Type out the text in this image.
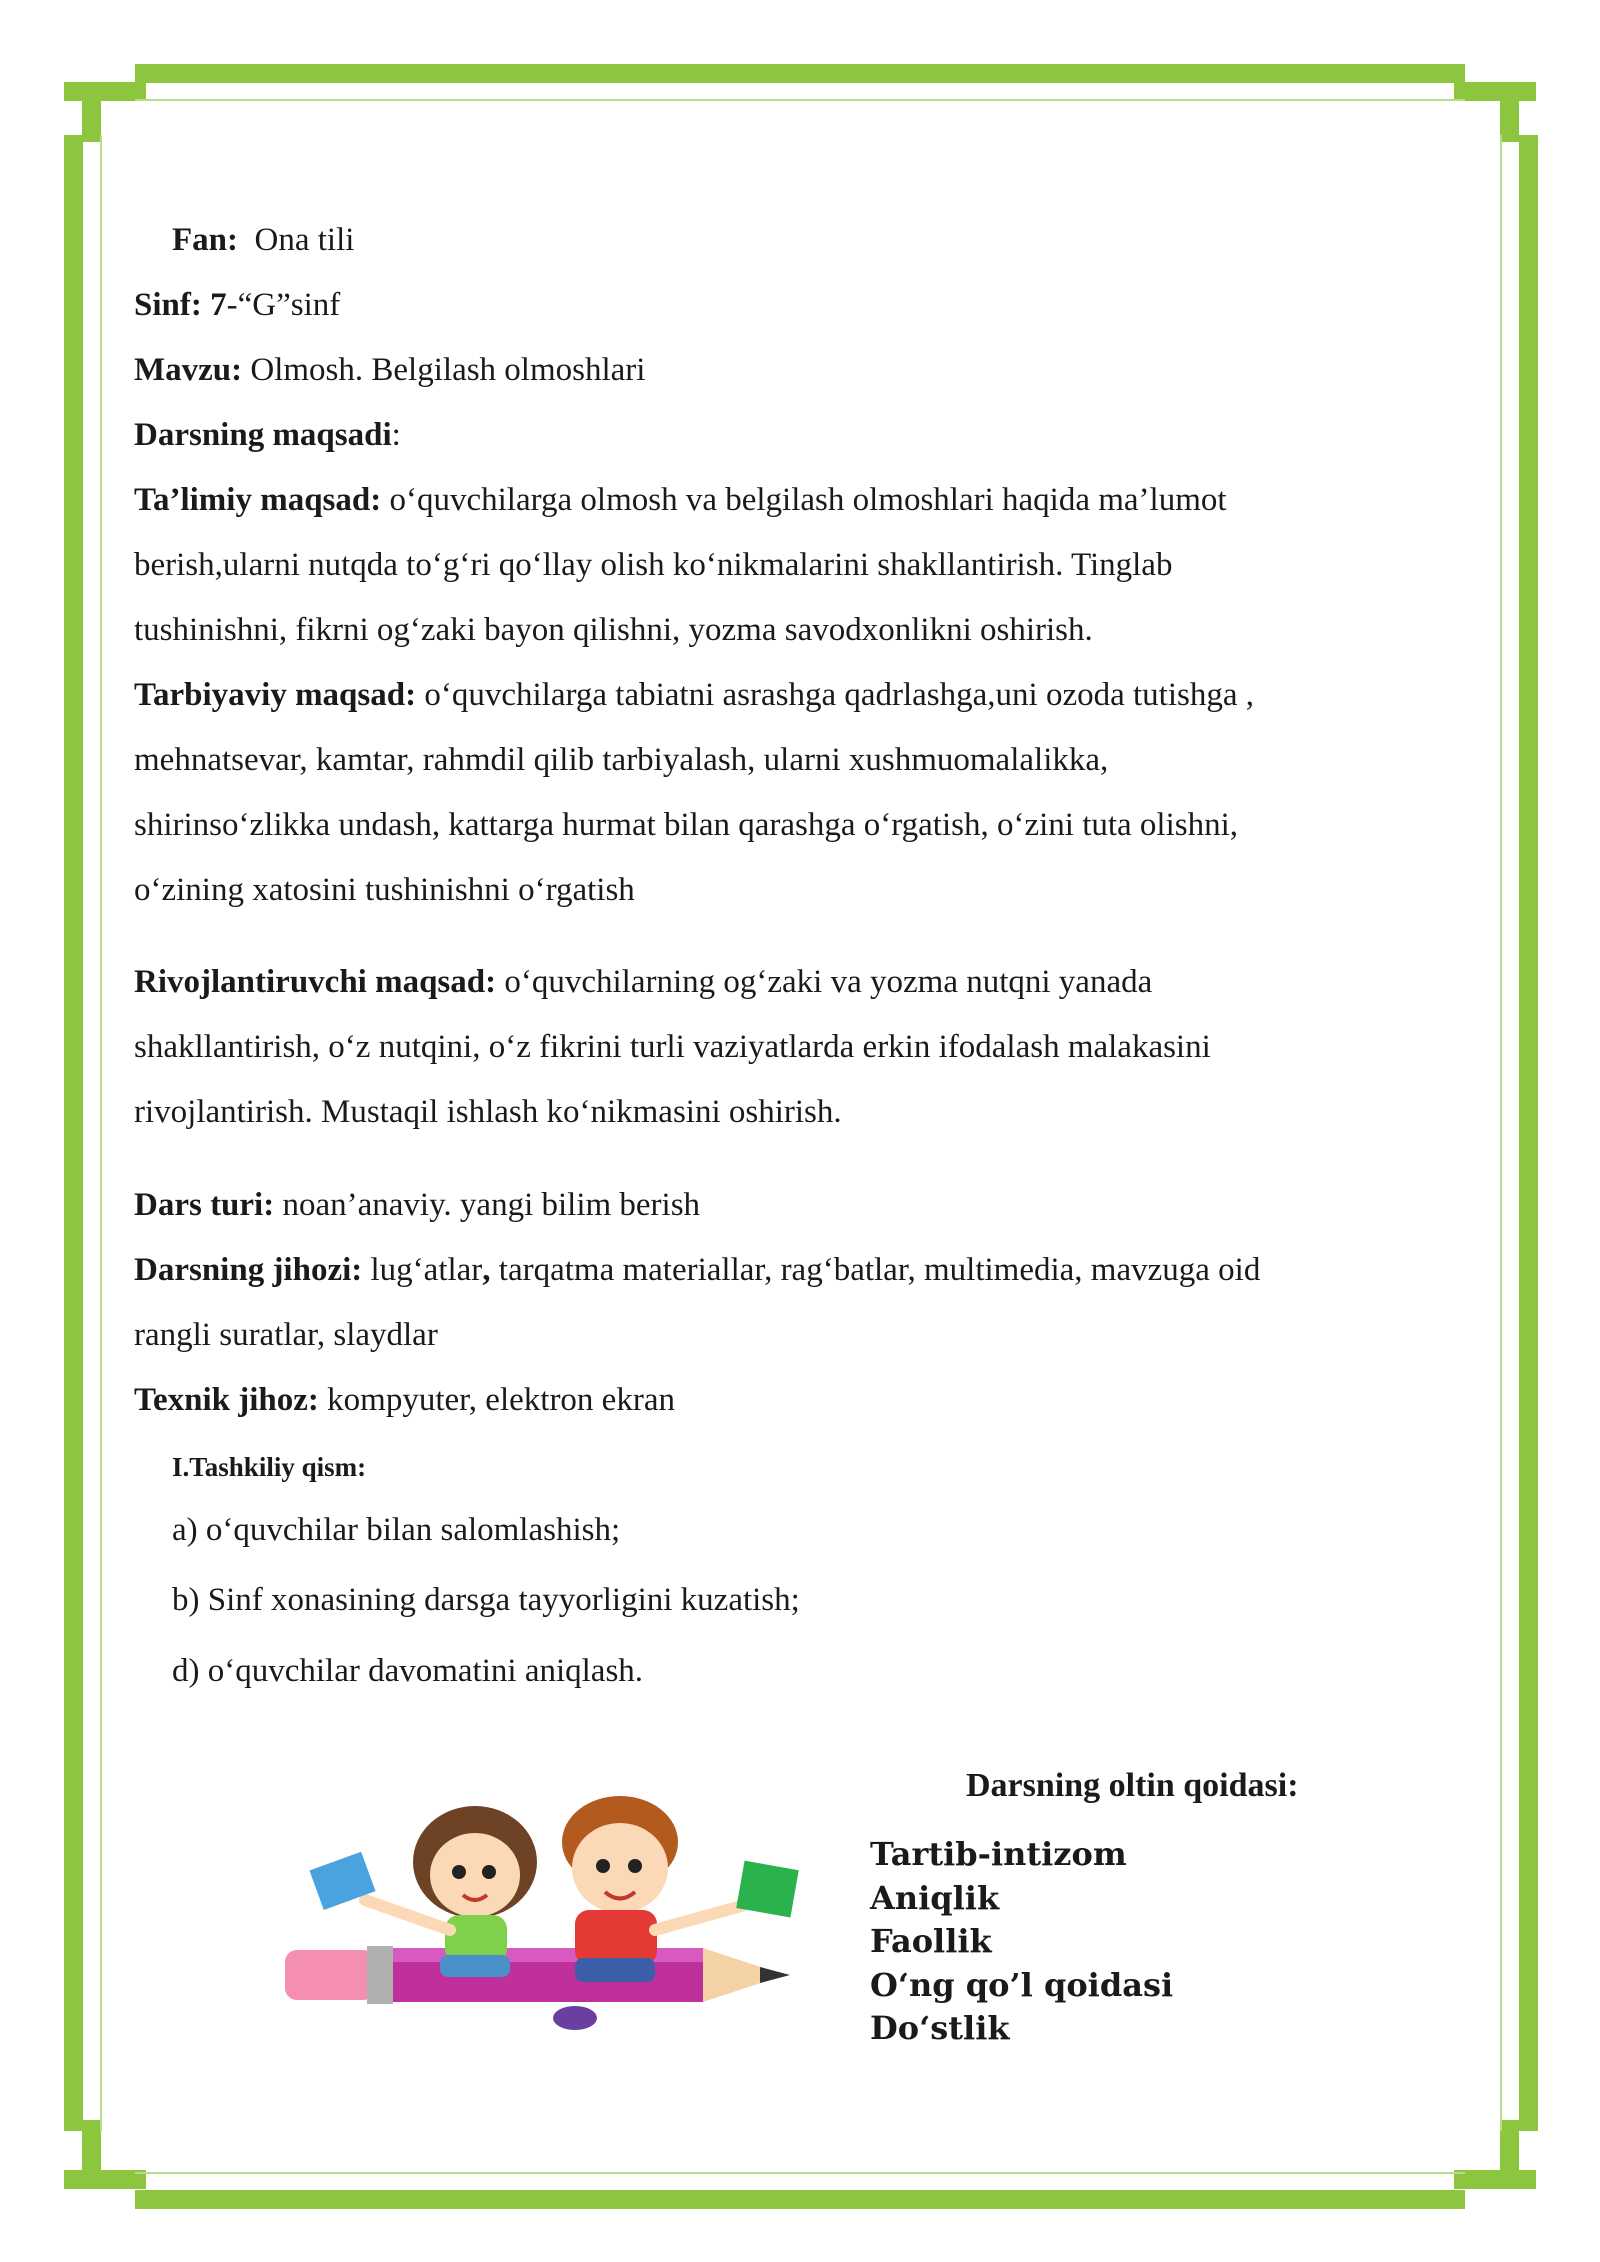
Fan: Ona tili
Sinf: 7-“G”sinf
Mavzu: Olmosh. Belgilash olmoshlari
Darsning maqsadi:
Ta’limiy maqsad: o‘quvchilarga olmosh va belgilash olmoshlari haqida ma’lumot
berish,ularni nutqda to‘g‘ri qo‘llay olish ko‘nikmalarini shakllantirish. Tinglab
tushinishni, fikrni og‘zaki bayon qilishni, yozma savodxonlikni oshirish.
Tarbiyaviy maqsad: o‘quvchilarga tabiatni asrashga qadrlashga,uni ozoda tutishga ,
mehnatsevar, kamtar, rahmdil qilib tarbiyalash, ularni xushmuomalalikka,
shirinso‘zlikka undash, kattarga hurmat bilan qarashga o‘rgatish, o‘zini tuta olishni,
o‘zining xatosini tushinishni o‘rgatish
Rivojlantiruvchi maqsad: o‘quvchilarning og‘zaki va yozma nutqni yanada
shakllantirish, o‘z nutqini, o‘z fikrini turli vaziyatlarda erkin ifodalash malakasini
rivojlantirish. Mustaqil ishlash ko‘nikmasini oshirish.
Dars turi: noan’anaviy. yangi bilim berish
Darsning jihozi: lug‘atlar, tarqatma materiallar, rag‘batlar, multimedia, mavzuga oid
rangli suratlar, slaydlar
Texnik jihoz: kompyuter, elektron ekran
I.Tashkiliy qism:
a) o‘quvchilar bilan salomlashish;
b) Sinf xonasining darsga tayyorligini kuzatish;
d) o‘quvchilar davomatini aniqlash.
Darsning oltin qoidasi:
Tartib-intizom
Aniqlik
Faollik
O‘ng qo’l qoidasi
Do‘stlik
